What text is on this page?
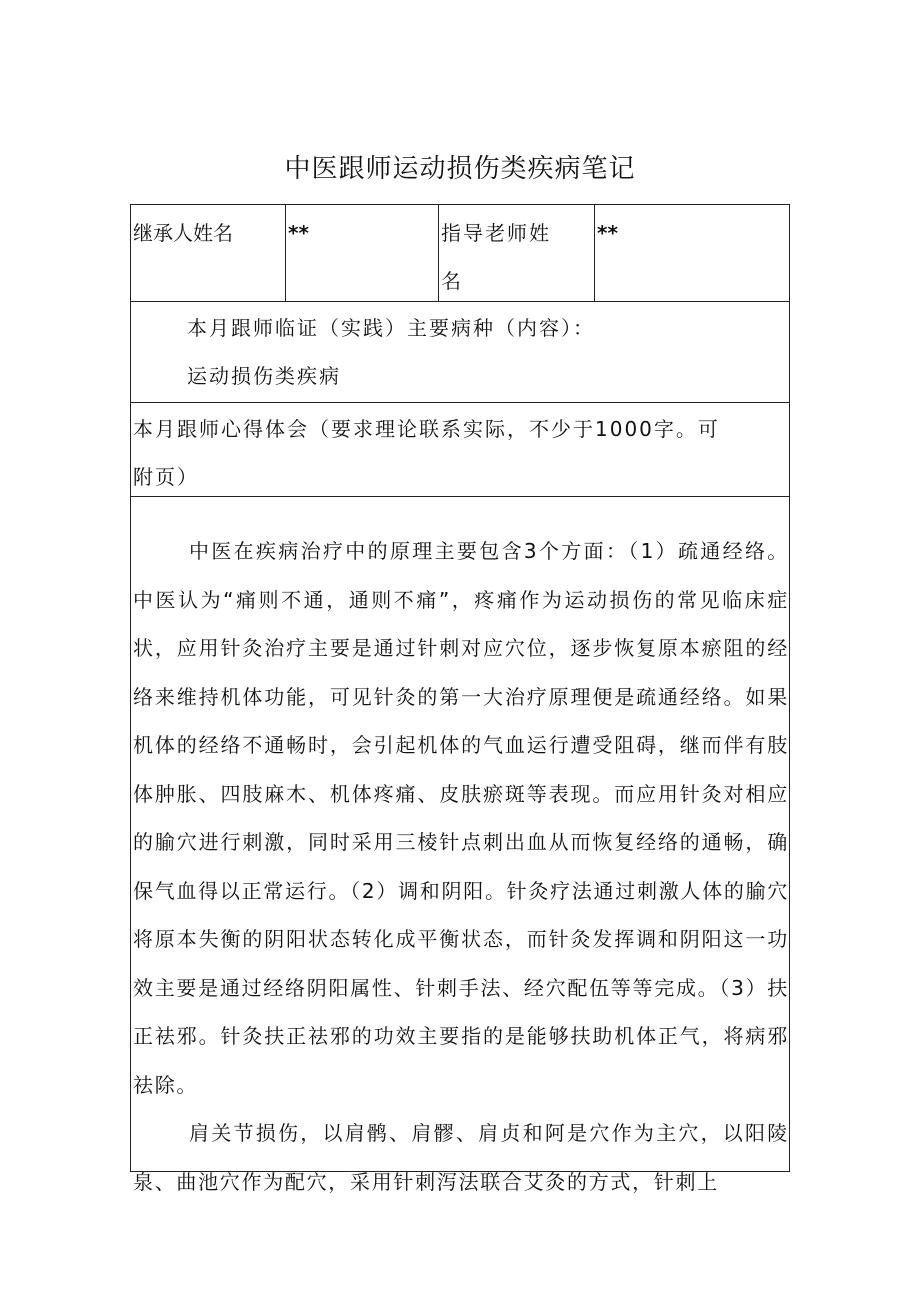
中医跟师运动损伤类疾病笔记
继承人姓名	**	指导老师姓名
**
本月跟师临证（实践）主要病种（内容）：
运动损伤类疾病
本月跟师心得体会（要求理论联系实际，不少于1000字。可附页）

中医在疾病治疗中的原理主要包含3个方面：（1）疏通经络。中医认为“痛则不通，通则不痛”，疼痛作为运动损伤的常见临床症状，应用针灸治疗主要是通过针刺对应穴位，逐步恢复原本瘀阻的经络来维持机体功能，可见针灸的第一大治疗原理便是疏通经络。如果机体的经络不通畅时，会引起机体的气血运行遭受阻碍，继而伴有肢体肿胀、四肢麻木、机体疼痛、皮肤瘀斑等表现。而应用针灸对相应的腧穴进行刺激，同时采用三棱针点刺出血从而恢复经络的通畅，确保气血得以正常运行。（2）调和阴阳。针灸疗法通过刺激人体的腧穴将原本失衡的阴阳状态转化成平衡状态，而针灸发挥调和阴阳这一功效主要是通过经络阴阳属性、针刺手法、经穴配伍等等完成。（3）扶正祛邪。针灸扶正祛邪的功效主要指的是能够扶助机体正气，将病邪祛除。

肩关节损伤，以肩鹘、肩髎、肩贞和阿是穴作为主穴，以阳陵泉、曲池穴作为配穴，采用针刺泻法联合艾灸的方式，针刺上
